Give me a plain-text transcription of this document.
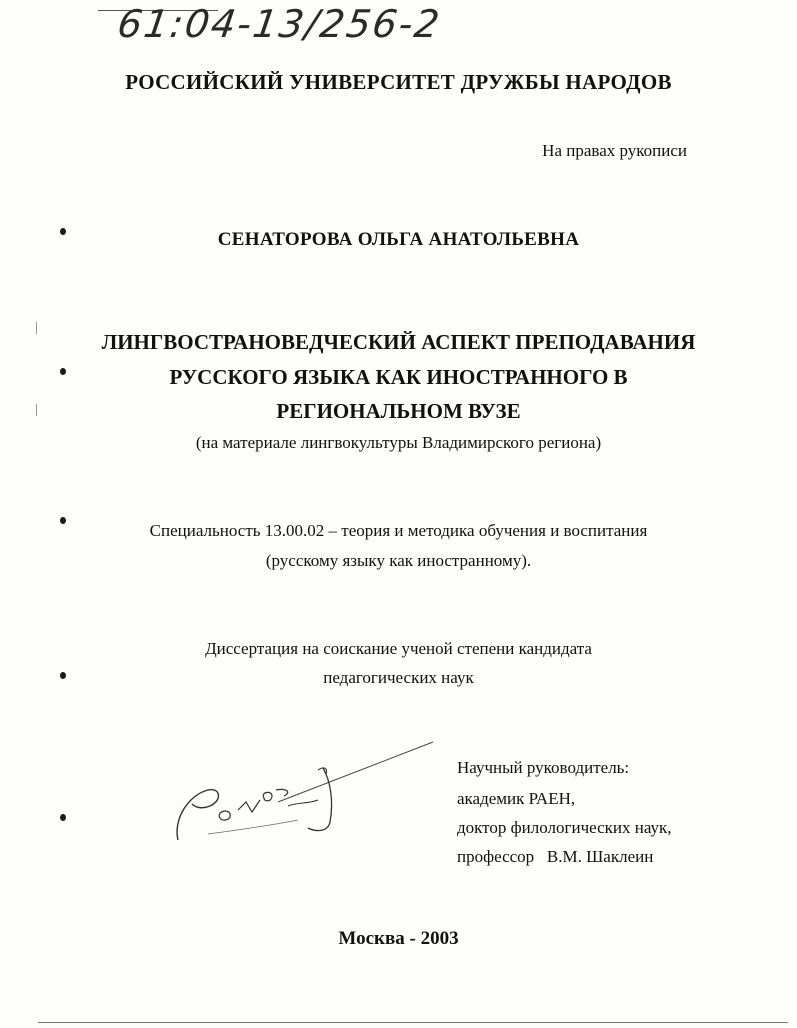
61:04-13/256-2
РОССИЙСКИЙ УНИВЕРСИТЕТ ДРУЖБЫ НАРОДОВ
На правах рукописи
СЕНАТОРОВА ОЛЬГА АНАТОЛЬЕВНА
ЛИНГВОСТРАНОВЕДЧЕСКИЙ АСПЕКТ ПРЕПОДАВАНИЯ
РУССКОГО ЯЗЫКА КАК ИНОСТРАННОГО В
РЕГИОНАЛЬНОМ ВУЗЕ
(на материале лингвокультуры Владимирского региона)
Специальность 13.00.02 – теория и методика обучения и воспитания
(русскому языку как иностранному).
Диссертация на соискание ученой степени кандидата
педагогических наук
Научный руководитель:
академик РАЕН,
доктор филологических наук,
профессор   В.М. Шаклеин
Москва - 2003
